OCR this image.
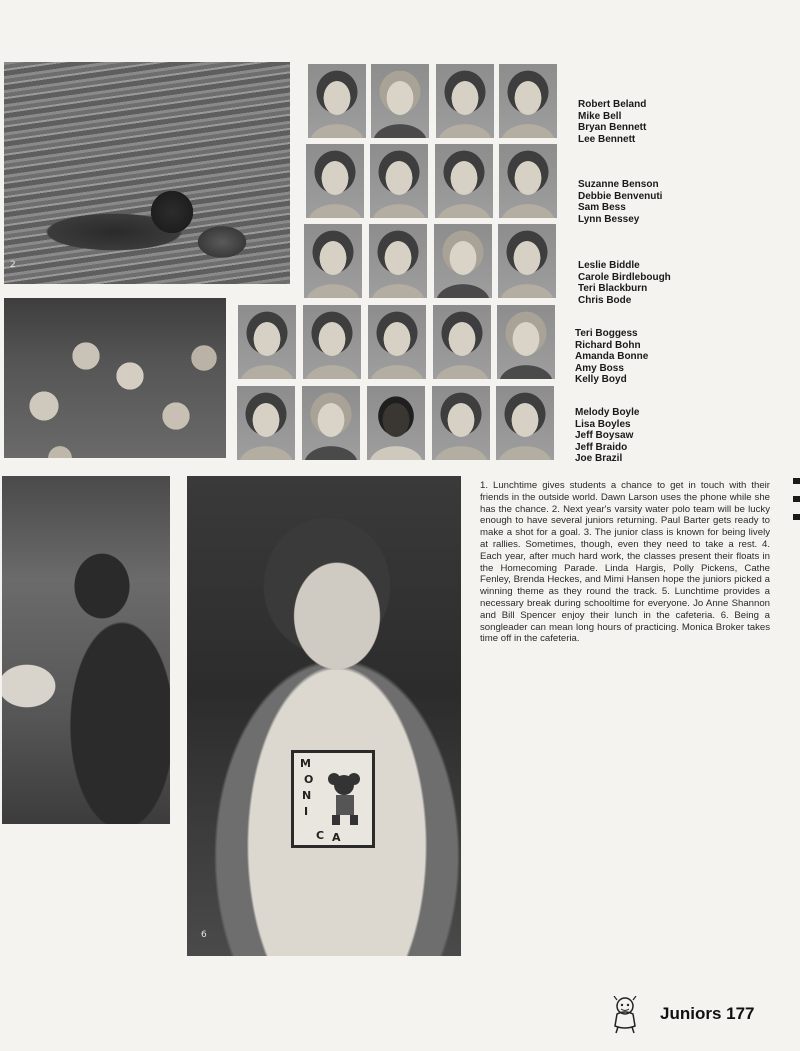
2
M
O
N
I
C A
6
Robert Beland
Mike Bell
Bryan Bennett
Lee Bennett
Suzanne Benson
Debbie Benvenuti
Sam Bess
Lynn Bessey
Leslie Biddle
Carole Birdlebough
Teri Blackburn
Chris Bode
Teri Boggess
Richard Bohn
Amanda Bonne
Amy Boss
Kelly Boyd
Melody Boyle
Lisa Boyles
Jeff Boysaw
Jeff Braido
Joe Brazil

1. Lunchtime gives students a chance to get in touch with their friends in the outside world. Dawn Larson uses the phone while she has the chance. 2. Next year's varsity water polo team will be lucky enough to have several juniors returning. Paul Barter gets ready to make a shot for a goal. 3. The junior class is known for being lively at rallies. Sometimes, though, even they need to take a rest. 4. Each year, after much hard work, the classes present their floats in the Homecoming Parade. Linda Hargis, Polly Pickens, Cathe Fenley, Brenda Heckes, and Mimi Hansen hope the juniors picked a winning theme as they round the track. 5. Lunchtime provides a necessary break during schooltime for everyone. Jo Anne Shannon and Bill Spencer enjoy their lunch in the cafeteria. 6. Being a songleader can mean long hours of practicing. Monica Broker takes time off in the cafeteria.

Juniors 177
